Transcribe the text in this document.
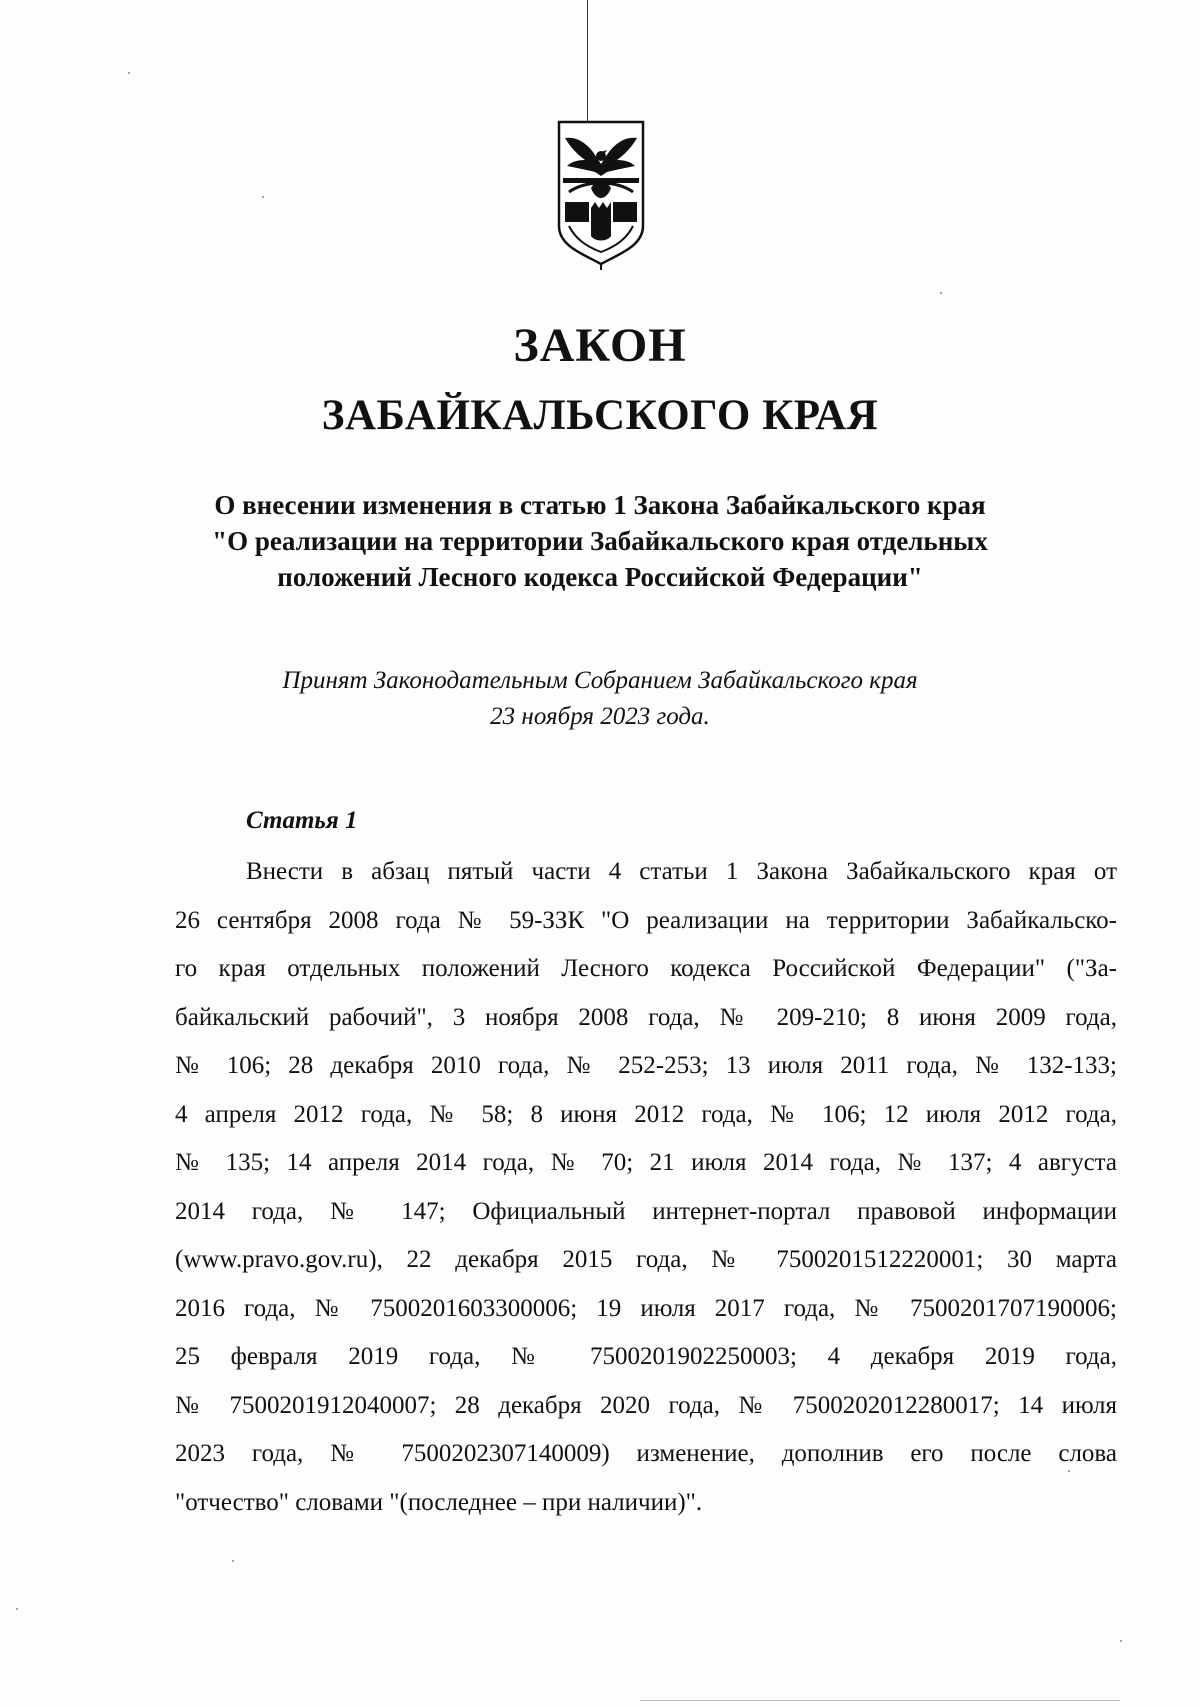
ЗАКОН
ЗАБАЙКАЛЬСКОГО КРАЯ
О внесении изменения в статью 1 Закона Забайкальского края
"О реализации на территории Забайкальского края отдельных
положений Лесного кодекса Российской Федерации"
Принят Законодательным Собранием Забайкальского края
23 ноября 2023 года.
Статья 1
Внести в абзац пятый части 4 статьи 1 Закона Забайкальского края от
26 сентября 2008 года № 59-ЗЗК "О реализации на территории Забайкальско-
го края отдельных положений Лесного кодекса Российской Федерации" ("За-
байкальский рабочий", 3 ноября 2008 года, № 209-210; 8 июня 2009 года,
№ 106; 28 декабря 2010 года, № 252-253; 13 июля 2011 года, № 132-133;
4 апреля 2012 года, № 58; 8 июня 2012 года, № 106; 12 июля 2012 года,
№ 135; 14 апреля 2014 года, № 70; 21 июля 2014 года, № 137; 4 августа
2014 года, № 147; Официальный интернет-портал правовой информации
(www.pravo.gov.ru), 22 декабря 2015 года, № 7500201512220001; 30 марта
2016 года, № 7500201603300006; 19 июля 2017 года, № 7500201707190006;
25 февраля 2019 года, № 7500201902250003; 4 декабря 2019 года,
№ 7500201912040007; 28 декабря 2020 года, № 7500202012280017; 14 июля
2023 года, № 7500202307140009) изменение, дополнив его после слова
"отчество" словами "(последнее – при наличии)".
